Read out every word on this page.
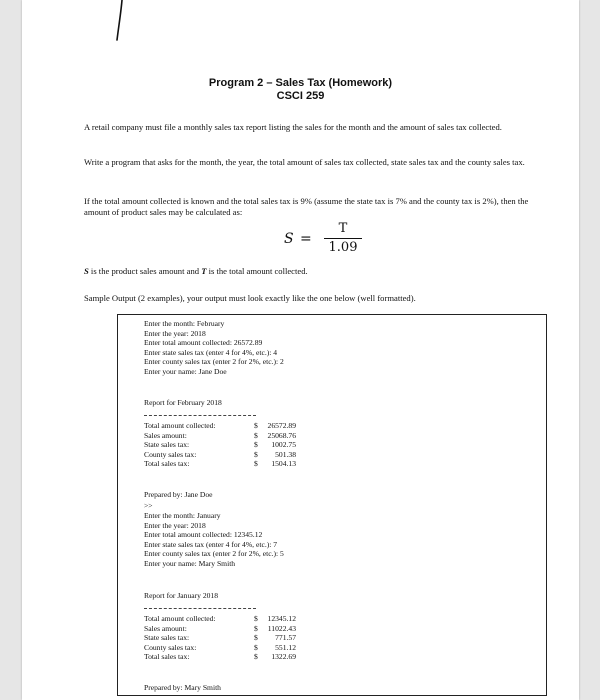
Program 2 – Sales Tax (Homework)
CSCI 259
A retail company must file a monthly sales tax report listing the sales for the month and the amount of sales tax collected.
Write a program that asks for the month, the year, the total amount of sales tax collected, state sales tax and the county sales tax.
If the total amount collected is known and the total sales tax is 9% (assume the state tax is 7% and the county tax is 2%), then the amount of product sales may be calculated as:
S =
T
1.09
S is the product sales amount and T is the total amount collected.
Sample Output (2 examples), your output must look exactly like the one below (well formatted).
Enter the month: February
Enter the year: 2018
Enter total amount collected: 26572.89
Enter state sales tax (enter 4 for 4%, etc.): 4
Enter county sales tax (enter 2 for 2%, etc.): 2
Enter your name: Jane Doe
Report for February 2018
Total amount collected:	$	26572.89
Sales amount:	$	25068.76
State sales tax:	$	1002.75
County sales tax:	$	501.38
Total sales tax:	$	1504.13
Prepared by: Jane Doe
>>
Enter the month: January
Enter the year: 2018
Enter total amount collected: 12345.12
Enter state sales tax (enter 4 for 4%, etc.): 7
Enter county sales tax (enter 2 for 2%, etc.): 5
Enter your name: Mary Smith
Report for January 2018
Total amount collected:	$	12345.12
Sales amount:	$	11022.43
State sales tax:	$	771.57
County sales tax:	$	551.12
Total sales tax:	$	1322.69
Prepared by: Mary Smith
